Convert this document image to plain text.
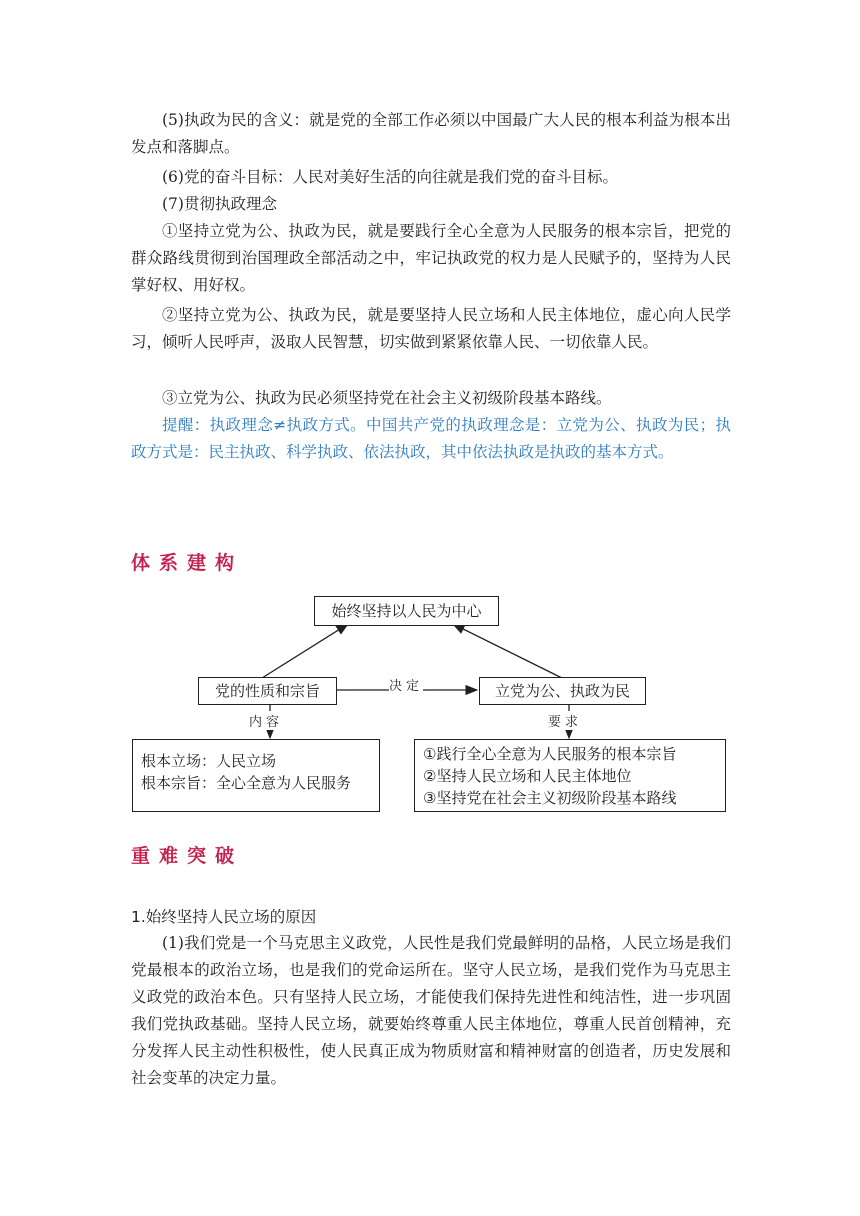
(5)执政为民的含义：就是党的全部工作必须以中国最广大人民的根本利益为根本出发点和落脚点。

(6)党的奋斗目标：人民对美好生活的向往就是我们党的奋斗目标。

(7)贯彻执政理念

①坚持立党为公、执政为民，就是要践行全心全意为人民服务的根本宗旨，把党的群众路线贯彻到治国理政全部活动之中，牢记执政党的权力是人民赋予的，坚持为人民掌好权、用好权。

②坚持立党为公、执政为民，就是要坚持人民立场和人民主体地位，虚心向人民学习，倾听人民呼声，汲取人民智慧，切实做到紧紧依靠人民、一切依靠人民。

③立党为公、执政为民必须坚持党在社会主义初级阶段基本路线。

提醒：执政理念≠执政方式。中国共产党的执政理念是：立党为公、执政为民；执政方式是：民主执政、科学执政、依法执政，其中依法执政是执政的基本方式。

体系建构
始终坚持以人民为中心
党的性质和宗旨	立党为公、执政为民
决定
内容	要求
根本立场：人民立场
根本宗旨：全心全意为人民服务
①践行全心全意为人民服务的根本宗旨
②坚持人民立场和人民主体地位
③坚持党在社会主义初级阶段基本路线
重难突破

1.始终坚持人民立场的原因

(1)我们党是一个马克思主义政党，人民性是我们党最鲜明的品格，人民立场是我们党最根本的政治立场，也是我们的党命运所在。坚守人民立场，是我们党作为马克思主义政党的政治本色。只有坚持人民立场，才能使我们保持先进性和纯洁性，进一步巩固我们党执政基础。坚持人民立场，就要始终尊重人民主体地位，尊重人民首创精神，充分发挥人民主动性积极性，使人民真正成为物质财富和精神财富的创造者，历史发展和社会变革的决定力量。
